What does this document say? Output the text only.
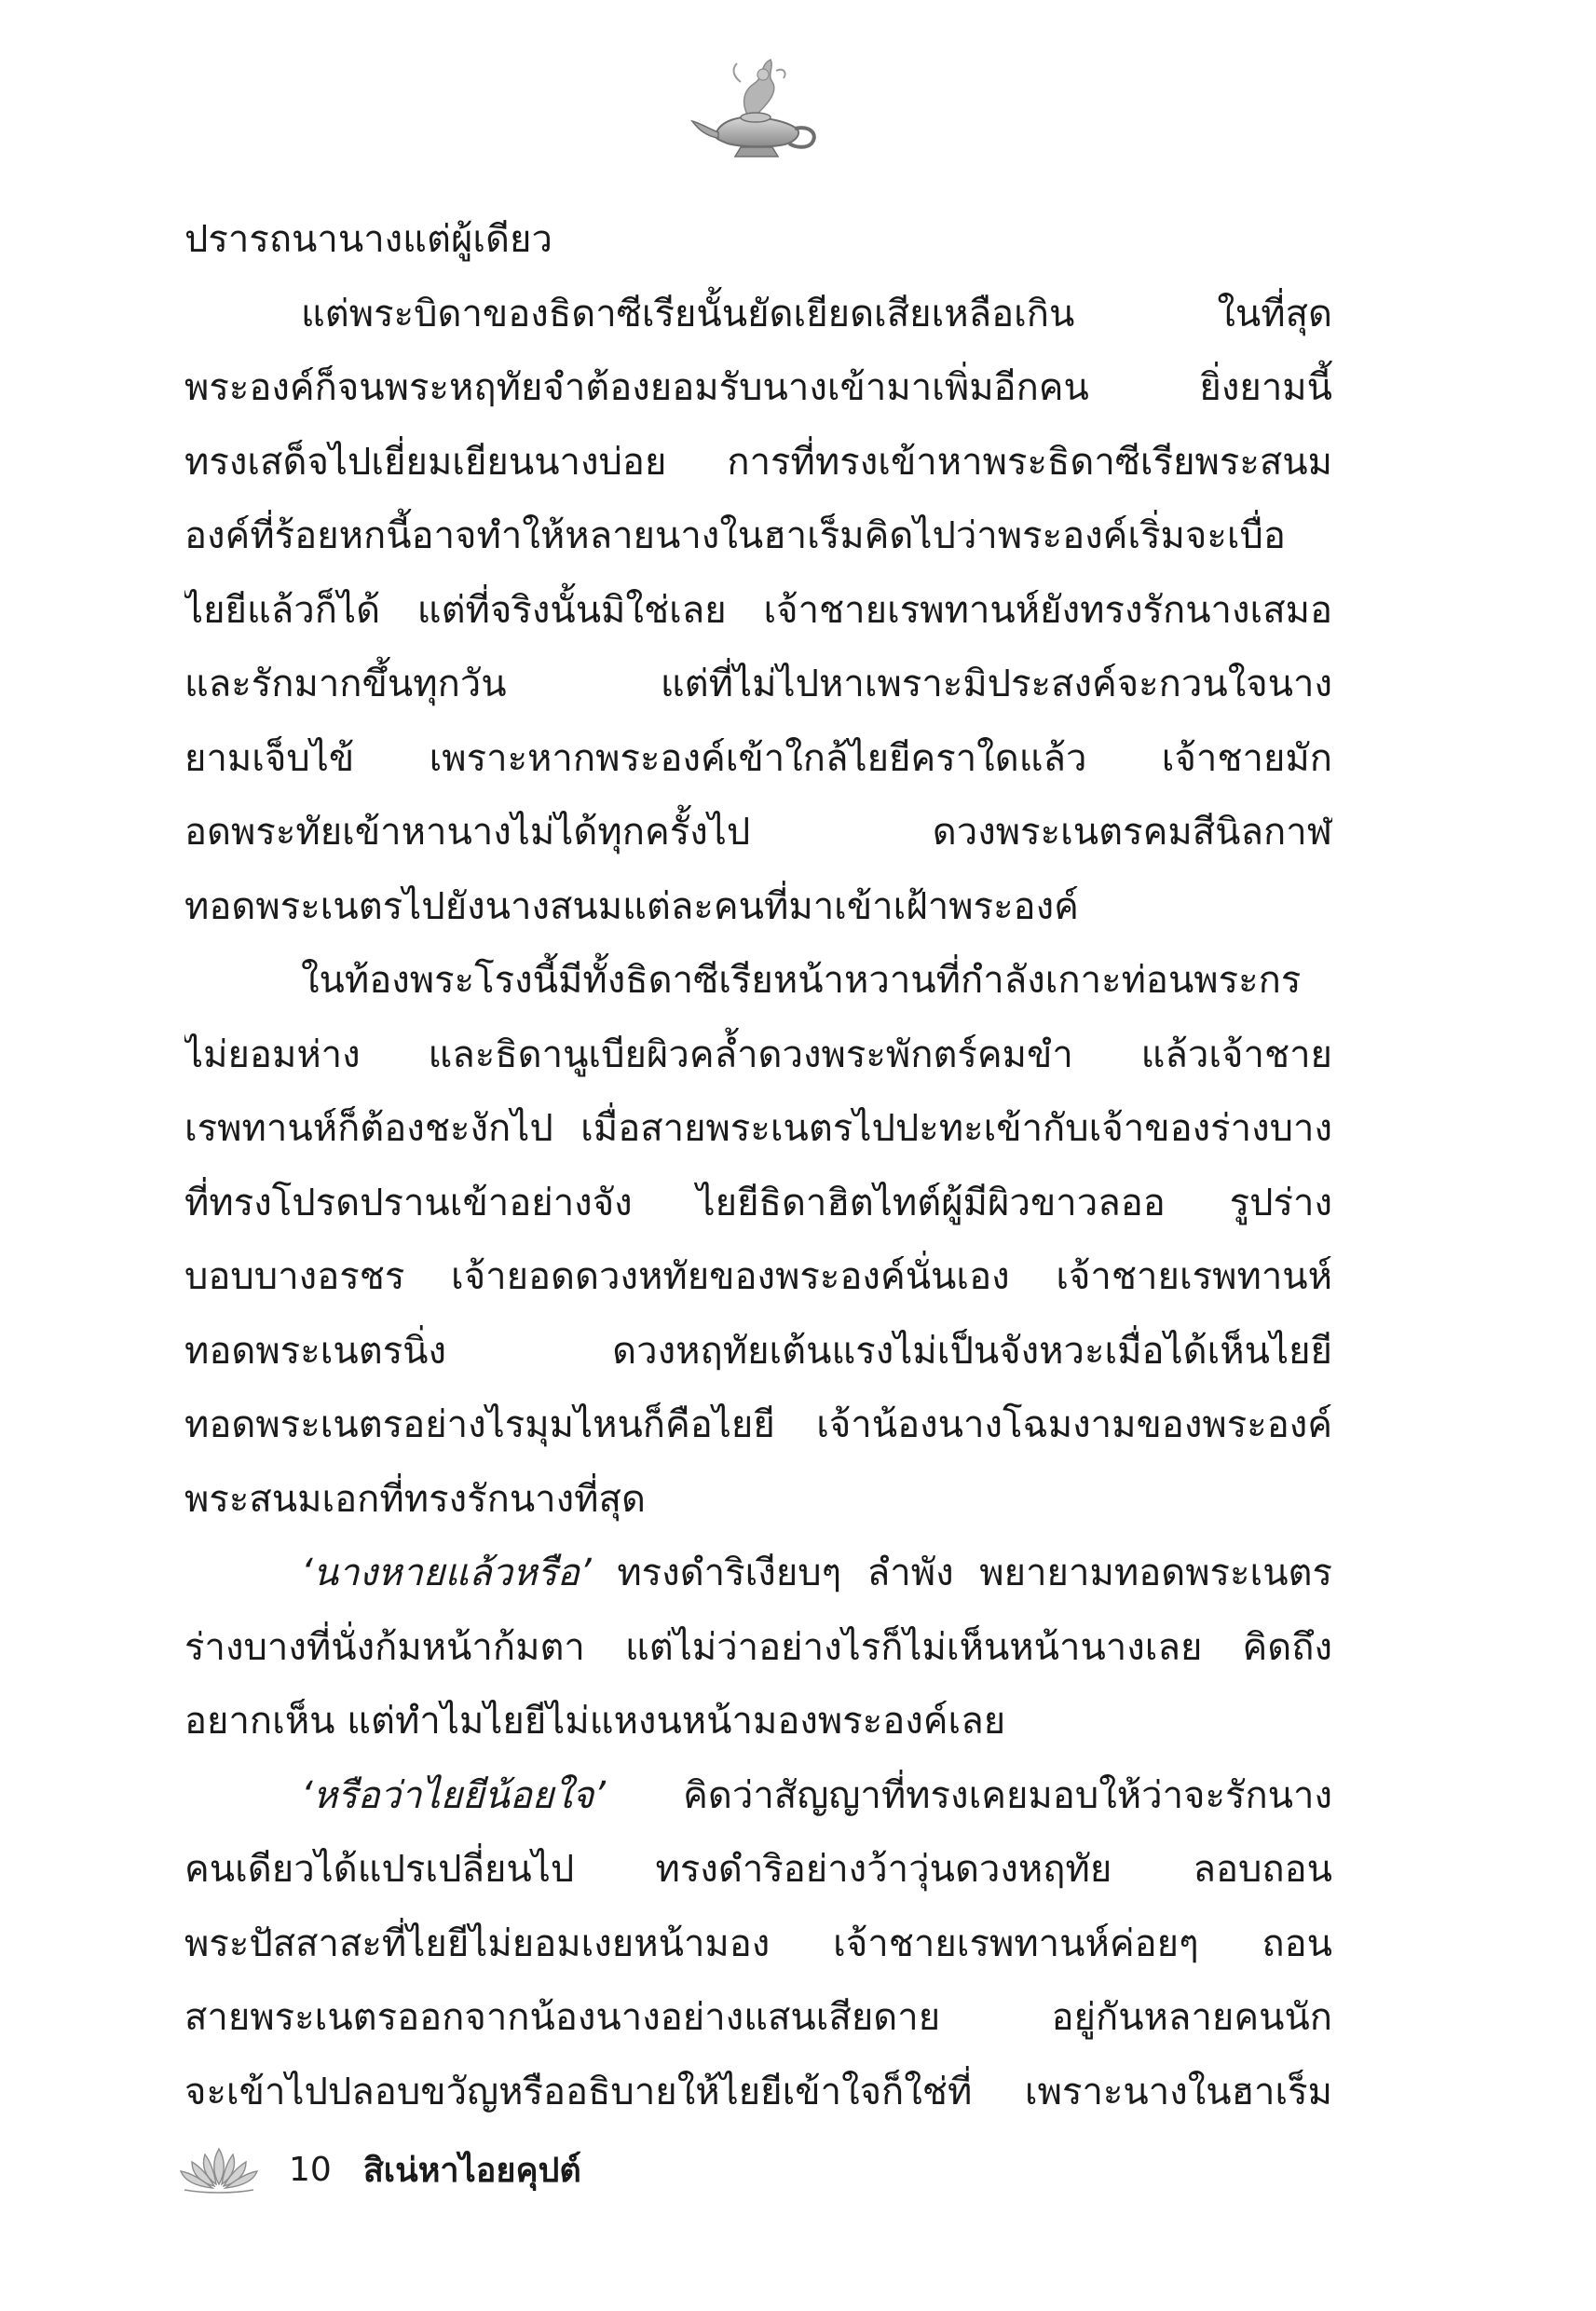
ปรารถนานางแต่ผู้เดียว
แต่พระบิดาของธิดาซีเรียนั้นยัดเยียดเสียเหลือเกิน ในที่สุด
พระองค์ก็จนพระหฤทัยจำต้องยอมรับนางเข้ามาเพิ่มอีกคน ยิ่งยามนี้
ทรงเสด็จไปเยี่ยมเยียนนางบ่อย การที่ทรงเข้าหาพระธิดาซีเรียพระสนม
องค์ที่ร้อยหกนี้อาจทำให้หลายนางในฮาเร็มคิดไปว่าพระองค์เริ่มจะเบื่อ
ไยยีแล้วก็ได้ แต่ที่จริงนั้นมิใช่เลย เจ้าชายเรพทานห์ยังทรงรักนางเสมอ
และรักมากขึ้นทุกวัน แต่ที่ไม่ไปหาเพราะมิประสงค์จะกวนใจนาง
ยามเจ็บไข้ เพราะหากพระองค์เข้าใกล้ไยยีคราใดแล้ว เจ้าชายมัก
อดพระทัยเข้าหานางไม่ได้ทุกครั้งไป ดวงพระเนตรคมสีนิลกาฬ
ทอดพระเนตรไปยังนางสนมแต่ละคนที่มาเข้าเฝ้าพระองค์
ในท้องพระโรงนี้มีทั้งธิดาซีเรียหน้าหวานที่กำลังเกาะท่อนพระกร
ไม่ยอมห่าง และธิดานูเบียผิวคล้ำดวงพระพักตร์คมขำ แล้วเจ้าชาย
เรพทานห์ก็ต้องชะงักไป เมื่อสายพระเนตรไปปะทะเข้ากับเจ้าของร่างบาง
ที่ทรงโปรดปรานเข้าอย่างจัง ไยยีธิดาฮิตไทต์ผู้มีผิวขาวลออ รูปร่าง
บอบบางอรชร เจ้ายอดดวงหทัยของพระองค์นั่นเอง เจ้าชายเรพทานห์
ทอดพระเนตรนิ่ง ดวงหฤทัยเต้นแรงไม่เป็นจังหวะเมื่อได้เห็นไยยี
ทอดพระเนตรอย่างไรมุมไหนก็คือไยยี เจ้าน้องนางโฉมงามของพระองค์
พระสนมเอกที่ทรงรักนางที่สุด
‘นางหายแล้วหรือ’ ทรงดำริเงียบๆ ลำพัง พยายามทอดพระเนตร
ร่างบางที่นั่งก้มหน้าก้มตา แต่ไม่ว่าอย่างไรก็ไม่เห็นหน้านางเลย คิดถึง
อยากเห็น แต่ทำไมไยยีไม่แหงนหน้ามองพระองค์เลย
‘หรือว่าไยยีน้อยใจ’ คิดว่าสัญญาที่ทรงเคยมอบให้ว่าจะรักนาง
คนเดียวได้แปรเปลี่ยนไป ทรงดำริอย่างว้าวุ่นดวงหฤทัย ลอบถอน
พระปัสสาสะที่ไยยีไม่ยอมเงยหน้ามอง เจ้าชายเรพทานห์ค่อยๆ ถอน
สายพระเนตรออกจากน้องนางอย่างแสนเสียดาย อยู่กันหลายคนนัก
จะเข้าไปปลอบขวัญหรืออธิบายให้ไยยีเข้าใจก็ใช่ที่ เพราะนางในฮาเร็ม
10 สิเน่หาไอยคุปต์
